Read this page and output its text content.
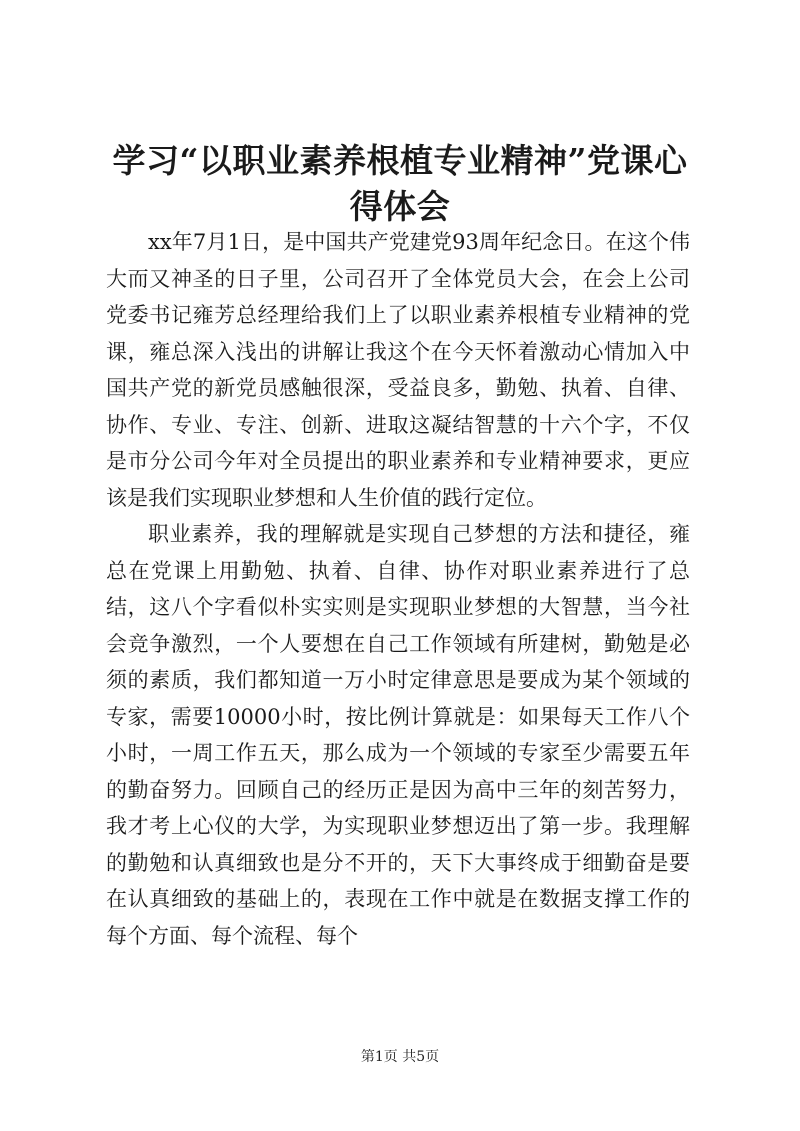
学习“以职业素养根植专业精神”党课心得体会

xx年7月1日，是中国共产党建党93周年纪念日。在这个伟大而又神圣的日子里，公司召开了全体党员大会，在会上公司党委书记雍芳总经理给我们上了以职业素养根植专业精神的党课，雍总深入浅出的讲解让我这个在今天怀着激动心情加入中国共产党的新党员感触很深，受益良多，勤勉、执着、自律、协作、专业、专注、创新、进取这凝结智慧的十六个字，不仅是市分公司今年对全员提出的职业素养和专业精神要求，更应该是我们实现职业梦想和人生价值的践行定位。

职业素养，我的理解就是实现自己梦想的方法和捷径，雍总在党课上用勤勉、执着、自律、协作对职业素养进行了总结，这八个字看似朴实实则是实现职业梦想的大智慧，当今社会竞争激烈，一个人要想在自己工作领域有所建树，勤勉是必须的素质，我们都知道一万小时定律意思是要成为某个领域的专家，需要10000小时，按比例计算就是：如果每天工作八个小时，一周工作五天，那么成为一个领域的专家至少需要五年的勤奋努力。回顾自己的经历正是因为高中三年的刻苦努力，我才考上心仪的大学，为实现职业梦想迈出了第一步。我理解的勤勉和认真细致也是分不开的，天下大事终成于细勤奋是要在认真细致的基础上的，表现在工作中就是在数据支撑工作的每个方面、每个流程、每个

第1页 共5页
